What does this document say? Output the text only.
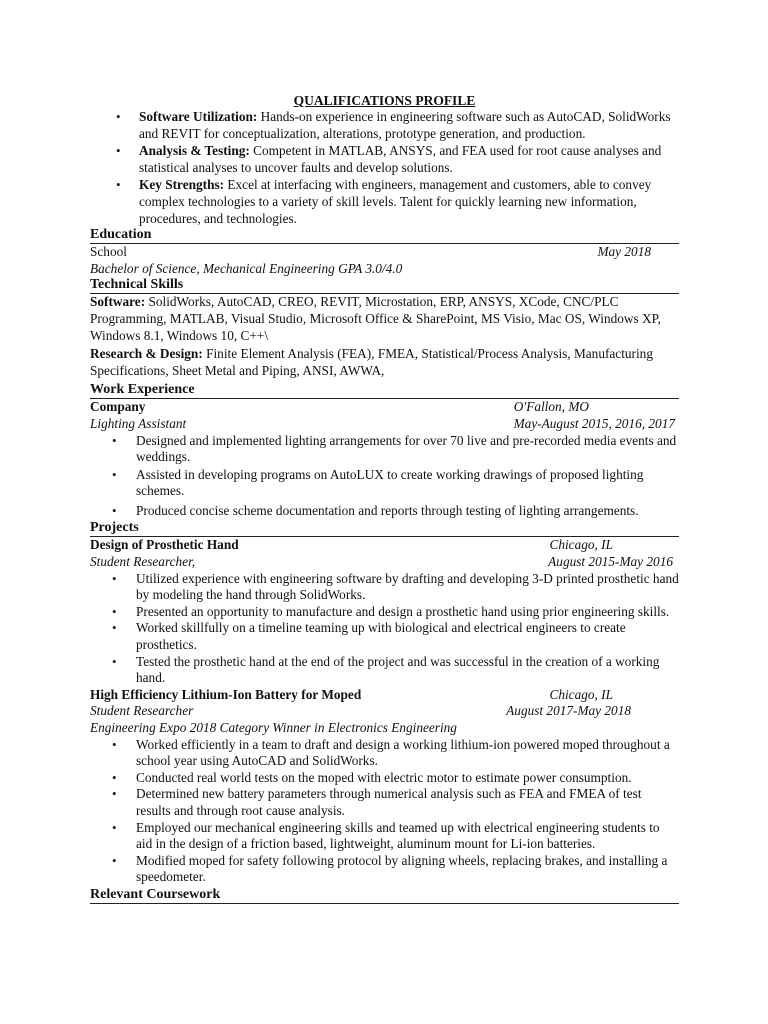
QUALIFICATIONS PROFILE
• Software Utilization: Hands-on experience in engineering software such as AutoCAD, SolidWorks and REVIT for conceptualization, alterations, prototype generation, and production.
• Analysis & Testing: Competent in MATLAB, ANSYS, and FEA used for root cause analyses and statistical analyses to uncover faults and develop solutions.
• Key Strengths: Excel at interfacing with engineers, management and customers, able to convey complex technologies to a variety of skill levels. Talent for quickly learning new information, procedures, and technologies.
Education
School	May 2018
Bachelor of Science, Mechanical Engineering GPA 3.0/4.0
Technical Skills
Software: SolidWorks, AutoCAD, CREO, REVIT, Microstation, ERP, ANSYS, XCode, CNC/PLC Programming, MATLAB, Visual Studio, Microsoft Office & SharePoint, MS Visio, Mac OS, Windows XP, Windows 8.1, Windows 10, C++\
Research & Design: Finite Element Analysis (FEA), FMEA, Statistical/Process Analysis, Manufacturing Specifications, Sheet Metal and Piping, ANSI, AWWA,
Work Experience
Company	O'Fallon, MO
Lighting Assistant	May-August 2015, 2016, 2017
• Designed and implemented lighting arrangements for over 70 live and pre-recorded media events and weddings.
• Assisted in developing programs on AutoLUX to create working drawings of proposed lighting schemes.
• Produced concise scheme documentation and reports through testing of lighting arrangements.
Projects
Design of Prosthetic Hand	Chicago, IL
Student Researcher,	August 2015-May 2016
• Utilized experience with engineering software by drafting and developing 3-D printed prosthetic hand by modeling the hand through SolidWorks.
• Presented an opportunity to manufacture and design a prosthetic hand using prior engineering skills.
• Worked skillfully on a timeline teaming up with biological and electrical engineers to create prosthetics.
• Tested the prosthetic hand at the end of the project and was successful in the creation of a working hand.
High Efficiency Lithium-Ion Battery for Moped	Chicago, IL
Student Researcher	August 2017-May 2018
Engineering Expo 2018 Category Winner in Electronics Engineering
• Worked efficiently in a team to draft and design a working lithium-ion powered moped throughout a school year using AutoCAD and SolidWorks.
• Conducted real world tests on the moped with electric motor to estimate power consumption.
• Determined new battery parameters through numerical analysis such as FEA and FMEA of test results and through root cause analysis.
• Employed our mechanical engineering skills and teamed up with electrical engineering students to aid in the design of a friction based, lightweight, aluminum mount for Li-ion batteries.
• Modified moped for safety following protocol by aligning wheels, replacing brakes, and installing a speedometer.
Relevant Coursework
